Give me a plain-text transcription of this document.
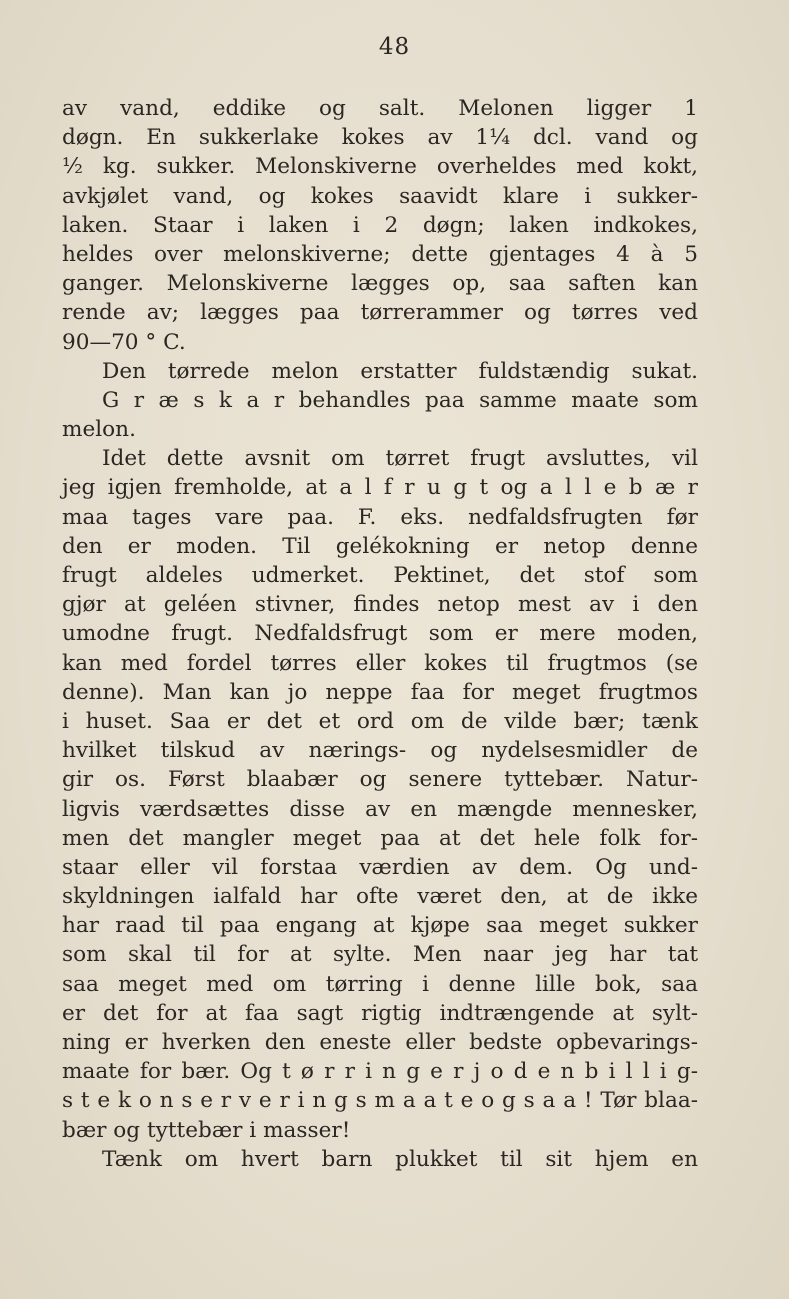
48
av vand, eddike og salt. Melonen ligger 1
døgn. En sukkerlake kokes av 1¼ dcl. vand og
½ kg. sukker. Melonskiverne overheldes med kokt,
avkjølet vand, og kokes saavidt klare i sukker-
laken. Staar i laken i 2 døgn; laken indkokes,
heldes over melonskiverne; dette gjentages 4 à 5
ganger. Melonskiverne lægges op, saa saften kan
rende av; lægges paa tørrerammer og tørres ved
90—70 ° C.
Den tørrede melon erstatter fuldstændig sukat.
G r æ s k a r behandles paa samme maate som
melon.
Idet dette avsnit om tørret frugt avsluttes, vil
jeg igjen fremholde, at a l f r u g t og a l l e b æ r
maa tages vare paa. F. eks. nedfaldsfrugten før
den er moden. Til gelékokning er netop denne
frugt aldeles udmerket. Pektinet, det stof som
gjør at geléen stivner, findes netop mest av i den
umodne frugt. Nedfaldsfrugt som er mere moden,
kan med fordel tørres eller kokes til frugtmos (se
denne). Man kan jo neppe faa for meget frugtmos
i huset. Saa er det et ord om de vilde bær; tænk
hvilket tilskud av nærings- og nydelsesmidler de
gir os. Først blaabær og senere tyttebær. Natur-
ligvis værdsættes disse av en mængde mennesker,
men det mangler meget paa at det hele folk for-
staar eller vil forstaa værdien av dem. Og und-
skyldningen ialfald har ofte været den, at de ikke
har raad til paa engang at kjøpe saa meget sukker
som skal til for at sylte. Men naar jeg har tat
saa meget med om tørring i denne lille bok, saa
er det for at faa sagt rigtig indtrængende at sylt-
ning er hverken den eneste eller bedste opbevarings-
maate for bær. Og t ø r r i n g e r j o d e n b i l l i g-
s t e k o n s e r v e r i n g s m a a t e o g s a a ! Tør blaa-
bær og tyttebær i masser!
Tænk om hvert barn plukket til sit hjem en
